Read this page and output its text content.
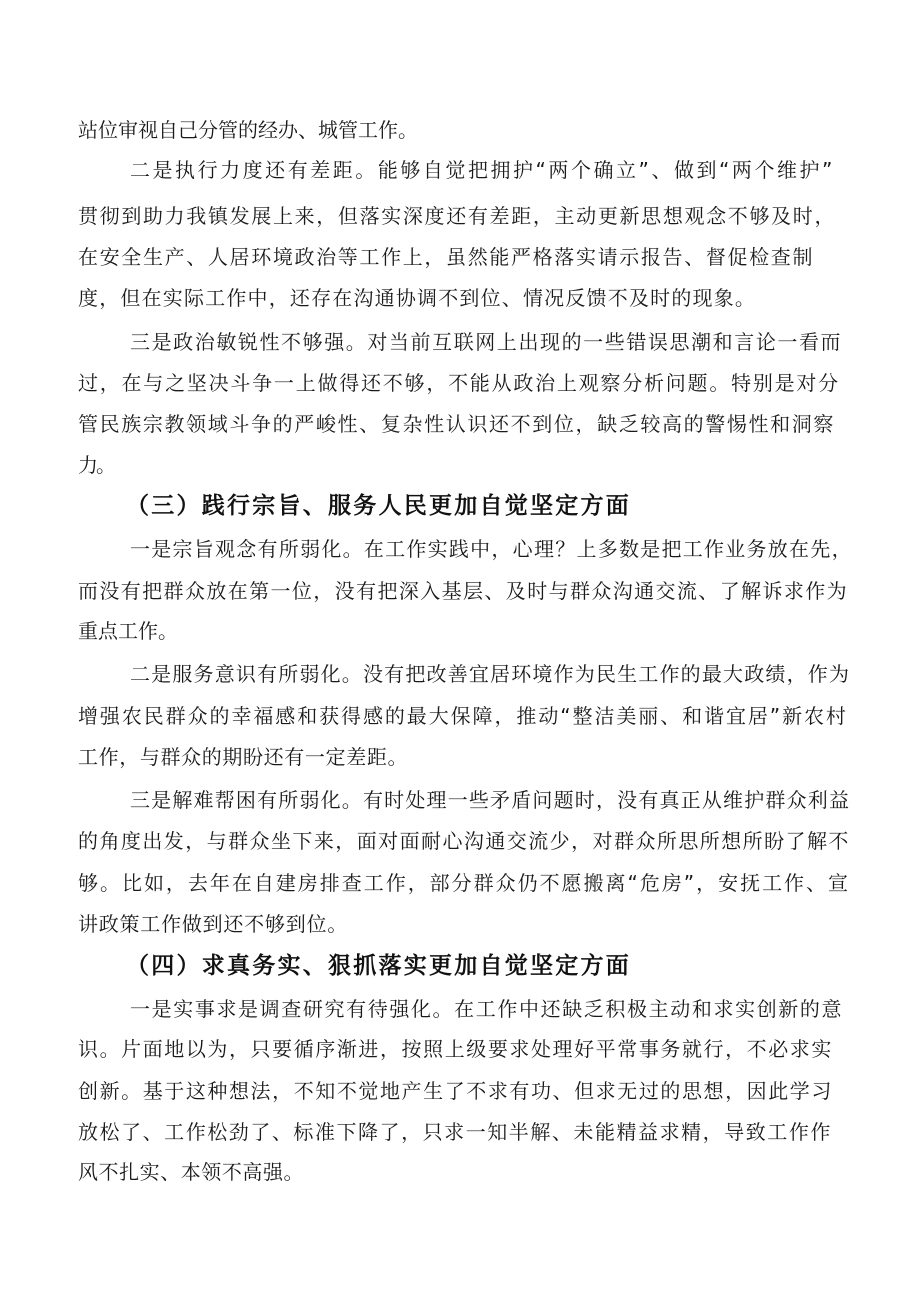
站位审视自己分管的经办、城管工作。

二是执行力度还有差距。能够自觉把拥护“两个确立”、做到“两个维护”

贯彻到助力我镇发展上来，但落实深度还有差距，主动更新思想观念不够及时，

在安全生产、人居环境政治等工作上，虽然能严格落实请示报告、督促检查制

度，但在实际工作中，还存在沟通协调不到位、情况反馈不及时的现象。

三是政治敏锐性不够强。对当前互联网上出现的一些错误思潮和言论一看而

过，在与之坚决斗争一上做得还不够，不能从政治上观察分析问题。特别是对分

管民族宗教领域斗争的严峻性、复杂性认识还不到位，缺乏较高的警惕性和洞察

力。

（三）践行宗旨、服务人民更加自觉坚定方面

一是宗旨观念有所弱化。在工作实践中，心理？上多数是把工作业务放在先，

而没有把群众放在第一位，没有把深入基层、及时与群众沟通交流、了解诉求作为

重点工作。

二是服务意识有所弱化。没有把改善宜居环境作为民生工作的最大政绩，作为

增强农民群众的幸福感和获得感的最大保障，推动“整洁美丽、和谐宜居”新农村

工作，与群众的期盼还有一定差距。

三是解难帮困有所弱化。有时处理一些矛盾问题时，没有真正从维护群众利益

的角度出发，与群众坐下来，面对面耐心沟通交流少，对群众所思所想所盼了解不

够。比如，去年在自建房排查工作，部分群众仍不愿搬离“危房”，安抚工作、宣

讲政策工作做到还不够到位。

（四）求真务实、狠抓落实更加自觉坚定方面

一是实事求是调查研究有待强化。在工作中还缺乏积极主动和求实创新的意

识。片面地以为，只要循序渐进，按照上级要求处理好平常事务就行，不必求实

创新。基于这种想法，不知不觉地产生了不求有功、但求无过的思想，因此学习

放松了、工作松劲了、标准下降了，只求一知半解、未能精益求精，导致工作作

风不扎实、本领不高强。
